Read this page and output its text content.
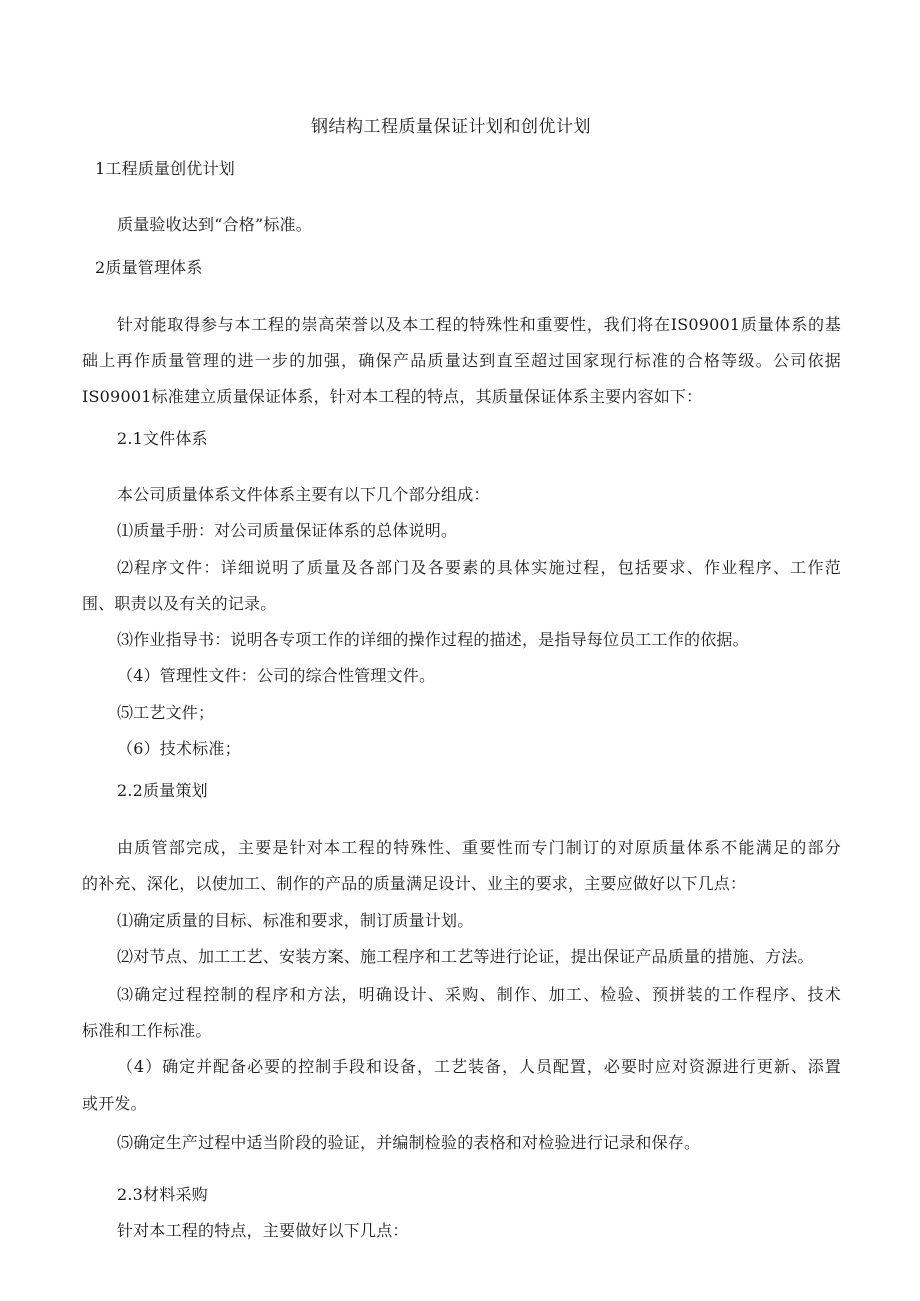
钢结构工程质量保证计划和创优计划

1工程质量创优计划

质量验收达到“合格”标准。

2质量管理体系

针对能取得参与本工程的崇高荣誉以及本工程的特殊性和重要性，我们将在IS09001质量体系的基

础上再作质量管理的进一步的加强，确保产品质量达到直至超过国家现行标准的合格等级。公司依据

IS09001标准建立质量保证体系，针对本工程的特点，其质量保证体系主要内容如下：

2.1文件体系

本公司质量体系文件体系主要有以下几个部分组成：

⑴质量手册：对公司质量保证体系的总体说明。

⑵程序文件：详细说明了质量及各部门及各要素的具体实施过程，包括要求、作业程序、工作范

围、职责以及有关的记录。

⑶作业指导书：说明各专项工作的详细的操作过程的描述，是指导每位员工工作的依据。

（4）管理性文件：公司的综合性管理文件。

⑸工艺文件；

（6）技术标准；

2.2质量策划

由质管部完成，主要是针对本工程的特殊性、重要性而专门制订的对原质量体系不能满足的部分

的补充、深化，以使加工、制作的产品的质量满足设计、业主的要求，主要应做好以下几点：

⑴确定质量的目标、标准和要求，制订质量计划。

⑵对节点、加工工艺、安装方案、施工程序和工艺等进行论证，提出保证产品质量的措施、方法。

⑶确定过程控制的程序和方法，明确设计、采购、制作、加工、检验、预拼装的工作程序、技术

标准和工作标准。

（4）确定并配备必要的控制手段和设备，工艺装备，人员配置，必要时应对资源进行更新、添置

或开发。

⑸确定生产过程中适当阶段的验证，并编制检验的表格和对检验进行记录和保存。

2.3材料采购

针对本工程的特点，主要做好以下几点：
